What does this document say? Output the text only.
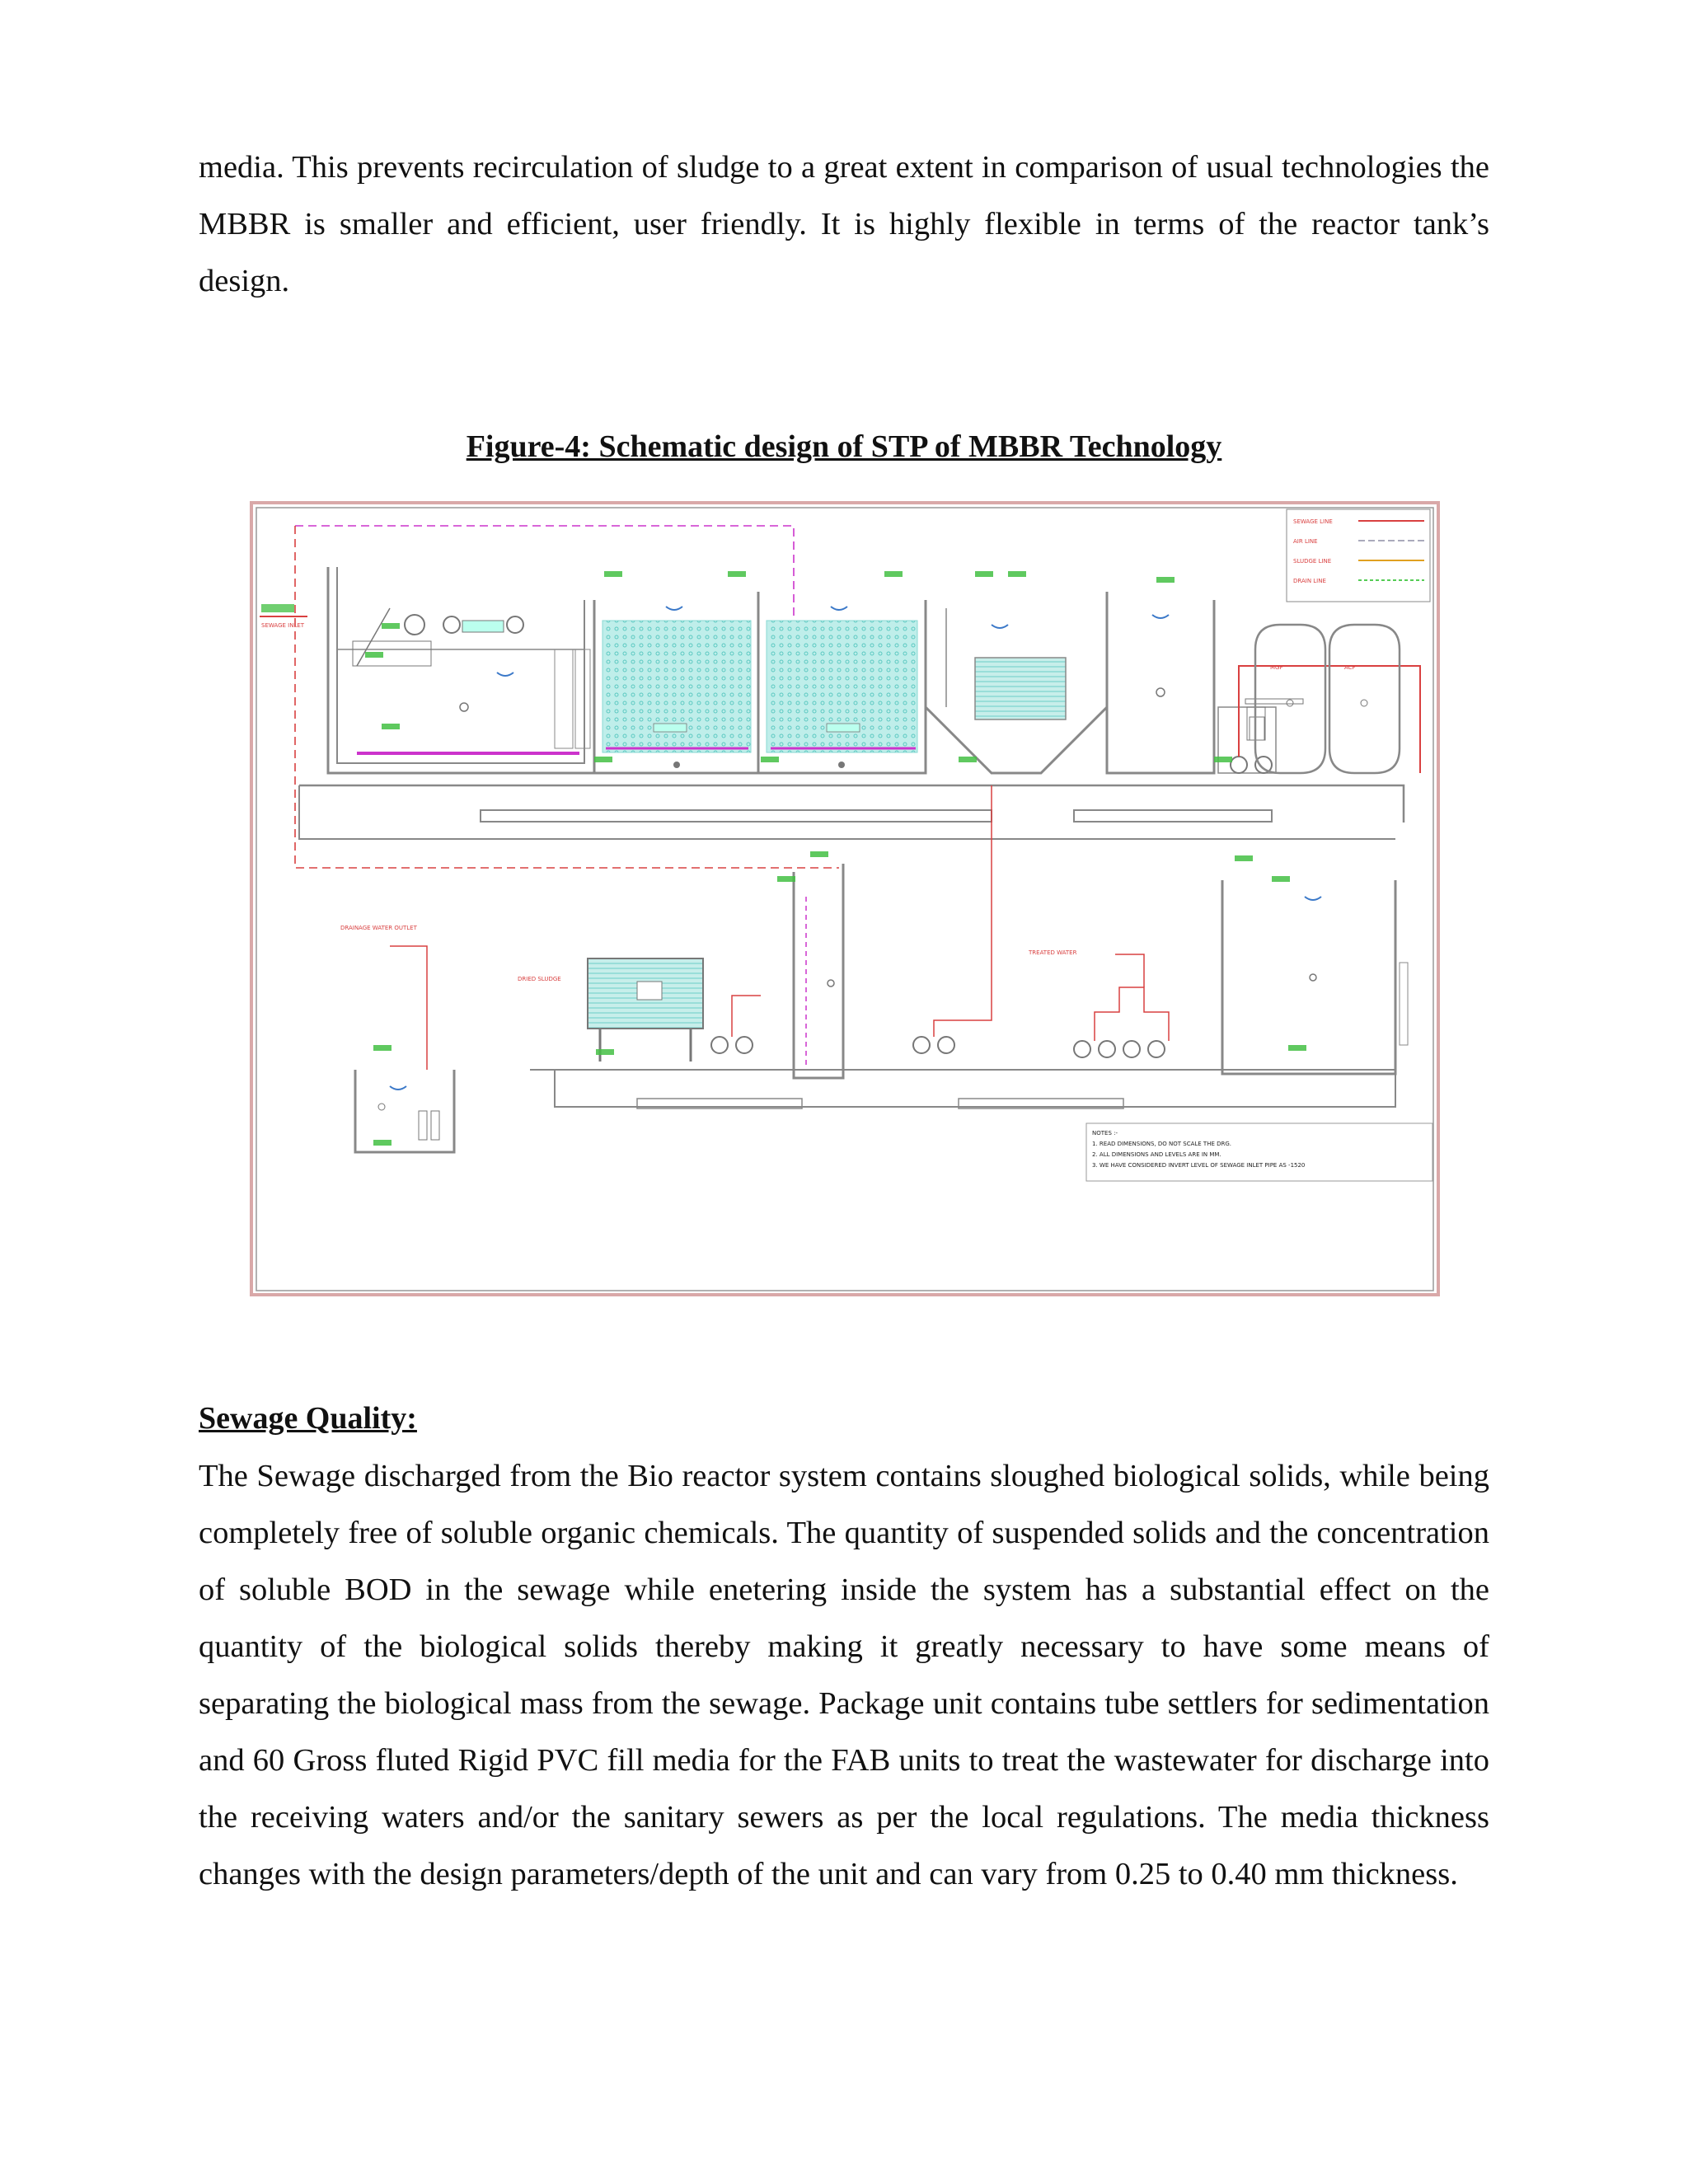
media. This prevents recirculation of sludge to a great extent in comparison of usual technologies the MBBR is smaller and efficient, user friendly. It is highly flexible in terms of the reactor tank’s design.

Figure-4: Schematic design of STP of MBBR Technology

SEWAGE LINE
AIR LINE
SLUDGE LINE
DRAIN LINE
SEWAGE INLET
MGF	ACF
DRIED SLUDGE
TREATED WATER
DRAINAGE WATER OUTLET
NOTES :-
1. READ DIMENSIONS, DO NOT SCALE THE DRG.
2. ALL DIMENSIONS AND LEVELS ARE IN MM.
3. WE HAVE CONSIDERED INVERT LEVEL OF SEWAGE INLET PIPE AS -1520

Sewage Quality:

The Sewage discharged from the Bio reactor system contains sloughed biological solids, while being completely free of soluble organic chemicals. The quantity of suspended solids and the concentration of soluble BOD in the sewage while enetering inside the system has a substantial effect on the quantity of the biological solids thereby making it greatly necessary to have some means of separating the biological mass from the sewage. Package unit contains tube settlers for sedimentation and 60 Gross fluted Rigid PVC fill media for the FAB units to treat the wastewater for discharge into the receiving waters and/or the sanitary sewers as per the local regulations. The media thickness changes with the design parameters/depth of the unit and can vary from 0.25 to 0.40 mm thickness.
